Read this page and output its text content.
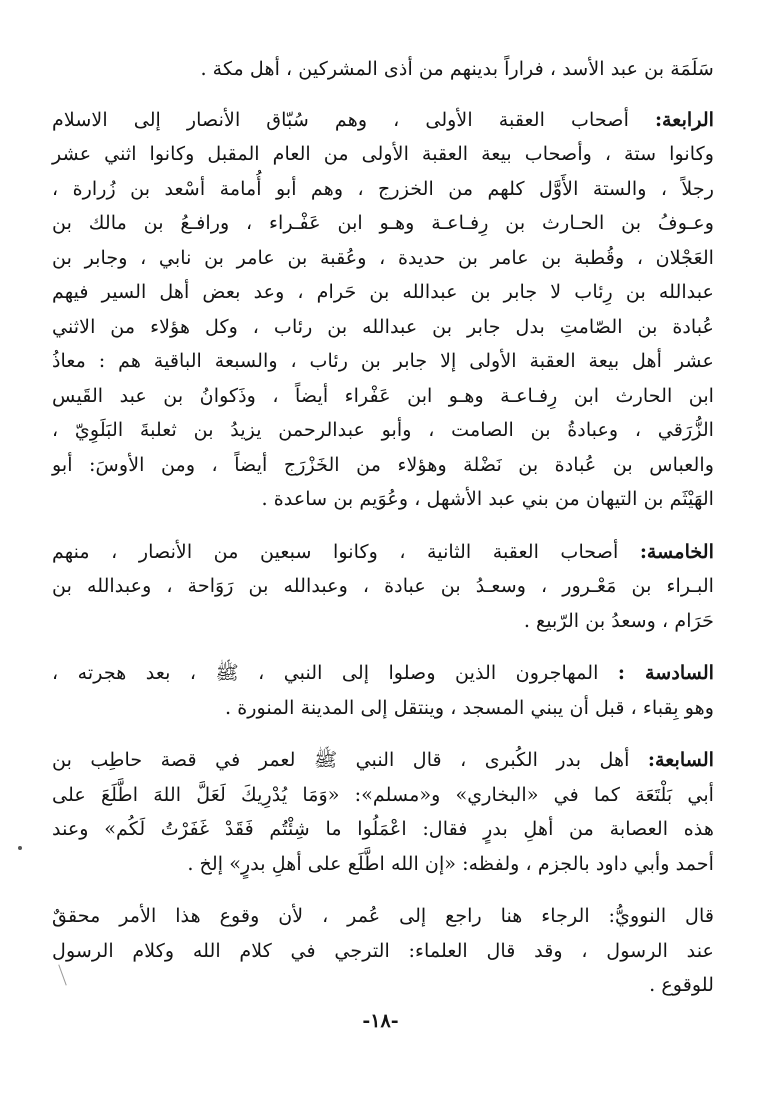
سَلَمَة بن عبد الأسد ، فراراً بدينهم من أذى المشركين ، أهل مكة .
الرابعة: أصحاب العقبة الأولى ، وهم سُبّاق الأنصار إلى الاسلام
وكانوا ستة ، وأصحاب بيعة العقبة الأولى من العام المقبل وكانوا اثني عشر
رجلاً ، والستة الأَوَّل كلهم من الخزرج ، وهم أبو أُمامة أسْعد بن زُرارة ،
وعـوفُ بن الحـارث بن رِفـاعـة وهـو ابن عَفْـراء ، ورافـعُ بن مالك بن
العَجْلان ، وقُطبة بن عامر بن حديدة ، وعُقبة بن عامر بن نابي ، وجابر بن
عبدالله بن رِئاب لا جابر بن عبدالله بن حَرام ، وعد بعض أهل السير فيهم
عُبادة بن الصّامتِ بدل جابر بن عبدالله بن رئاب ، وكل هؤلاء من الاثني
عشر أهل بيعة العقبة الأولى إلا جابر بن رئاب ، والسبعة الباقية هم : معاذُ
ابن الحارث ابن رِفـاعـة وهـو ابن عَفْراء أيضاً ، وذَكوانُ بن عبد القَيس
الزُّرَقي ، وعبادةُ بن الصامت ، وأبو عبدالرحمن يزيدُ بن ثعلبةَ البَلَوِيّ ،
والعباس بن عُبادة بن نَضْلة وهؤلاء من الخَزْرَج أيضاً ، ومن الأوسَ: أبو
الهَيْثَم بن التيهان من بني عبد الأشهل ، وعُوَيم بن ساعدة .
الخامسة: أصحاب العقبة الثانية ، وكانوا سبعين من الأنصار ، منهم
البـراء بن مَعْـرور ، وسعـدُ بن عبادة ، وعبدالله بن رَوَاحة ، وعبدالله بن
حَرَام ، وسعدُ بن الرّبيع .
السادسة : المهاجرون الذين وصلوا إلى النبي ، ﷺ ، بعد هجرته ،
وهو بِقباء ، قبل أن يبني المسجد ، وينتقل إلى المدينة المنورة .
السابعة: أهل بدر الكُبرى ، قال النبي ﷺ لعمر في قصة حاطِب بن
أبي بَلْتَعَة كما في «البخاري» و«مسلم»: «وَمَا يُدْرِيكَ لَعَلَّ اللهَ اطَّلَعَ على
هذه العصابة من أهلِ بدرٍ فقال: اعْمَلُوا ما شِئْتُم فَقَدْ غَفَرْتُ لَكُم» وعند
أحمد وأبي داود بالجزم ، ولفظه: «إن الله اطَّلَع على أهلِ بدرٍ» إلخ .
قال النوويُّ: الرجاء هنا راجع إلى عُمر ، لأن وقوع هذا الأمر محققٌ
عند الرسول ، وقد قال العلماء: الترجي في كلام الله وكلام الرسول
للوقوع .
-١٨-
